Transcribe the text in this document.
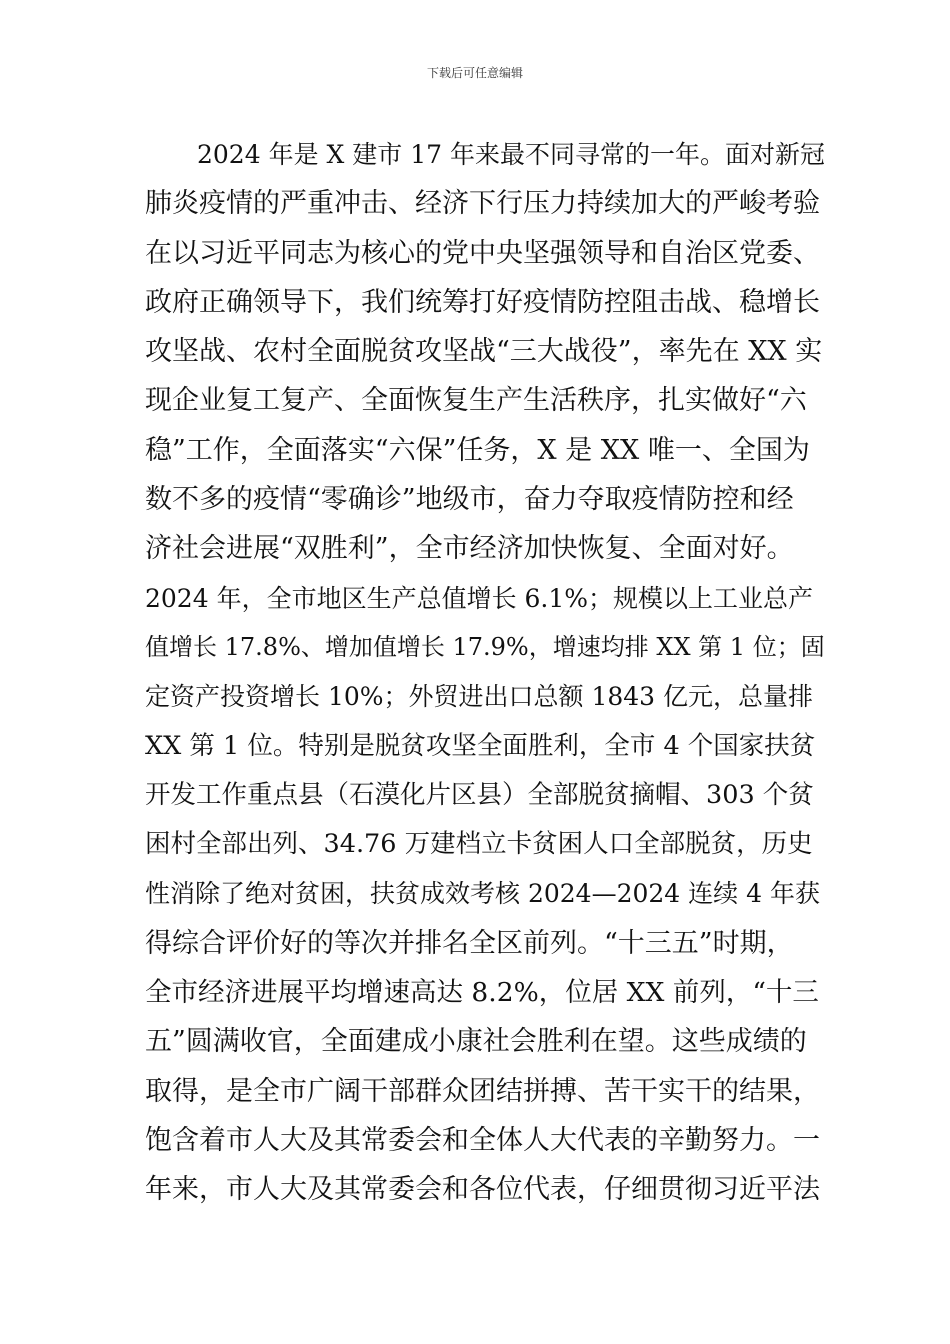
下载后可任意编辑
2024 年是 X 建市 17 年来最不同寻常的一年。面对新冠
肺炎疫情的严重冲击、经济下行压力持续加大的严峻考验
在以习近平同志为核心的党中央坚强领导和自治区党委、
政府正确领导下，我们统筹打好疫情防控阻击战、稳增长
攻坚战、农村全面脱贫攻坚战“三大战役”，率先在 XX 实
现企业复工复产、全面恢复生产生活秩序，扎实做好“六
稳”工作，全面落实“六保”任务，X 是 XX 唯一、全国为
数不多的疫情“零确诊”地级市，奋力夺取疫情防控和经
济社会进展“双胜利”，全市经济加快恢复、全面对好。
2024 年，全市地区生产总值增长 6.1%；规模以上工业总产
值增长 17.8%、增加值增长 17.9%，增速均排 XX 第 1 位；固
定资产投资增长 10%；外贸进出口总额 1843 亿元，总量排
XX 第 1 位。特别是脱贫攻坚全面胜利，全市 4 个国家扶贫
开发工作重点县（石漠化片区县）全部脱贫摘帽、303 个贫
困村全部出列、34.76 万建档立卡贫困人口全部脱贫，历史
性消除了绝对贫困，扶贫成效考核 2024—2024 连续 4 年获
得综合评价好的等次并排名全区前列。“十三五”时期，
全市经济进展平均增速高达 8.2%，位居 XX 前列，“十三
五”圆满收官，全面建成小康社会胜利在望。这些成绩的
取得，是全市广阔干部群众团结拼搏、苦干实干的结果，
饱含着市人大及其常委会和全体人大代表的辛勤努力。一
年来，市人大及其常委会和各位代表，仔细贯彻习近平法
